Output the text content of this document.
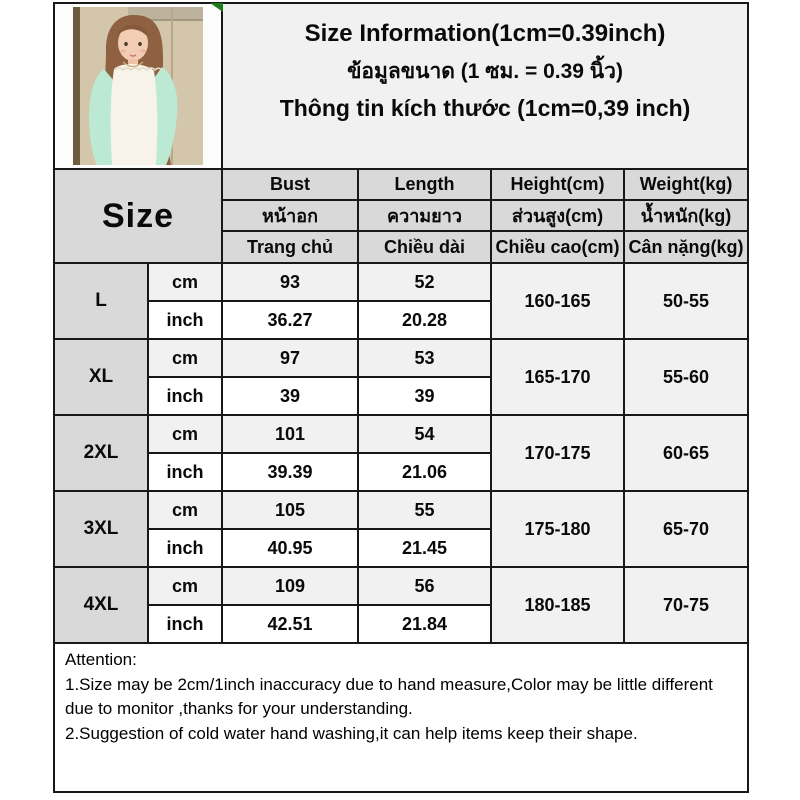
Size Information(1cm=0.39inch)
ข้อมูลขนาด (1 ซม. = 0.39 นิ้ว)
Thông tin kích thước (1cm=0,39 inch)			

Size		Bust	Length	Height(cm)	Weight(kg)
		หน้าอก	ความยาว	ส่วนสูง(cm)	น้ำหนัก(kg)
		Trang chủ	Chiều dài	Chiều cao(cm)	Cân nặng(kg)
L	cm	93	52	160-165	50-55
	inch	36.27	20.28		
XL	cm	97	53	165-170	55-60
	inch	39	39		
2XL	cm	101	54	170-175	60-65
	inch	39.39	21.06		
3XL	cm	105	55	175-180	65-70
	inch	40.95	21.45		
4XL	cm	109	56	180-185	70-75
	inch	42.51	21.84		

Attention:
1.Size may be 2cm/1inch inaccuracy due to hand measure,Color may be little different due to monitor ,thanks for your understanding.
2.Suggestion of cold water hand washing,it can help items keep their shape.					
